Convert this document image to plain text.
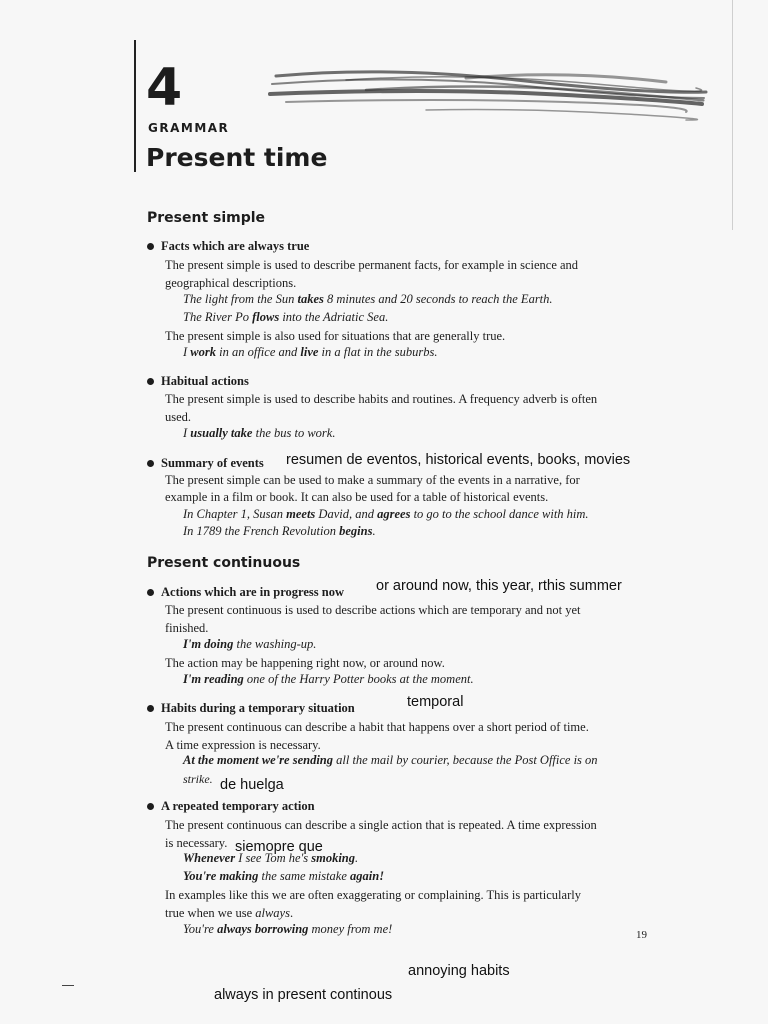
4
GRAMMAR
Present time
Present simple
Facts which are always true
The present simple is used to describe permanent facts, for example in science and
geographical descriptions.
The light from the Sun takes 8 minutes and 20 seconds to reach the Earth.
The River Po flows into the Adriatic Sea.
The present simple is also used for situations that are generally true.
I work in an office and live in a flat in the suburbs.
Habitual actions
The present simple is used to describe habits and routines. A frequency adverb is often
used.
I usually take the bus to work.
Summary of events resumen de eventos, historical events, books, movies
The present simple can be used to make a summary of the events in a narrative, for
example in a film or book. It can also be used for a table of historical events.
In Chapter 1, Susan meets David, and agrees to go to the school dance with him.
In 1789 the French Revolution begins.
Present continuous
Actions which are in progress now or around now, this year, rthis summer
The present continuous is used to describe actions which are temporary and not yet
finished.
I'm doing the washing-up.
The action may be happening right now, or around now.
I'm reading one of the Harry Potter books at the moment.
Habits during a temporary situation	temporal
The present continuous can describe a habit that happens over a short period of time.
A time expression is necessary.
At the moment we're sending all the mail by courier, because the Post Office is on
strike. de huelga
A repeated temporary action
The present continuous can describe a single action that is repeated. A time expression
is necessary. siemopre que
Whenever I see Tom he's smoking.
You're making the same mistake again!
In examples like this we are often exaggerating or complaining. This is particularly
true when we use always.
You're always borrowing money from me!	19
annoying habits
always in present continous
